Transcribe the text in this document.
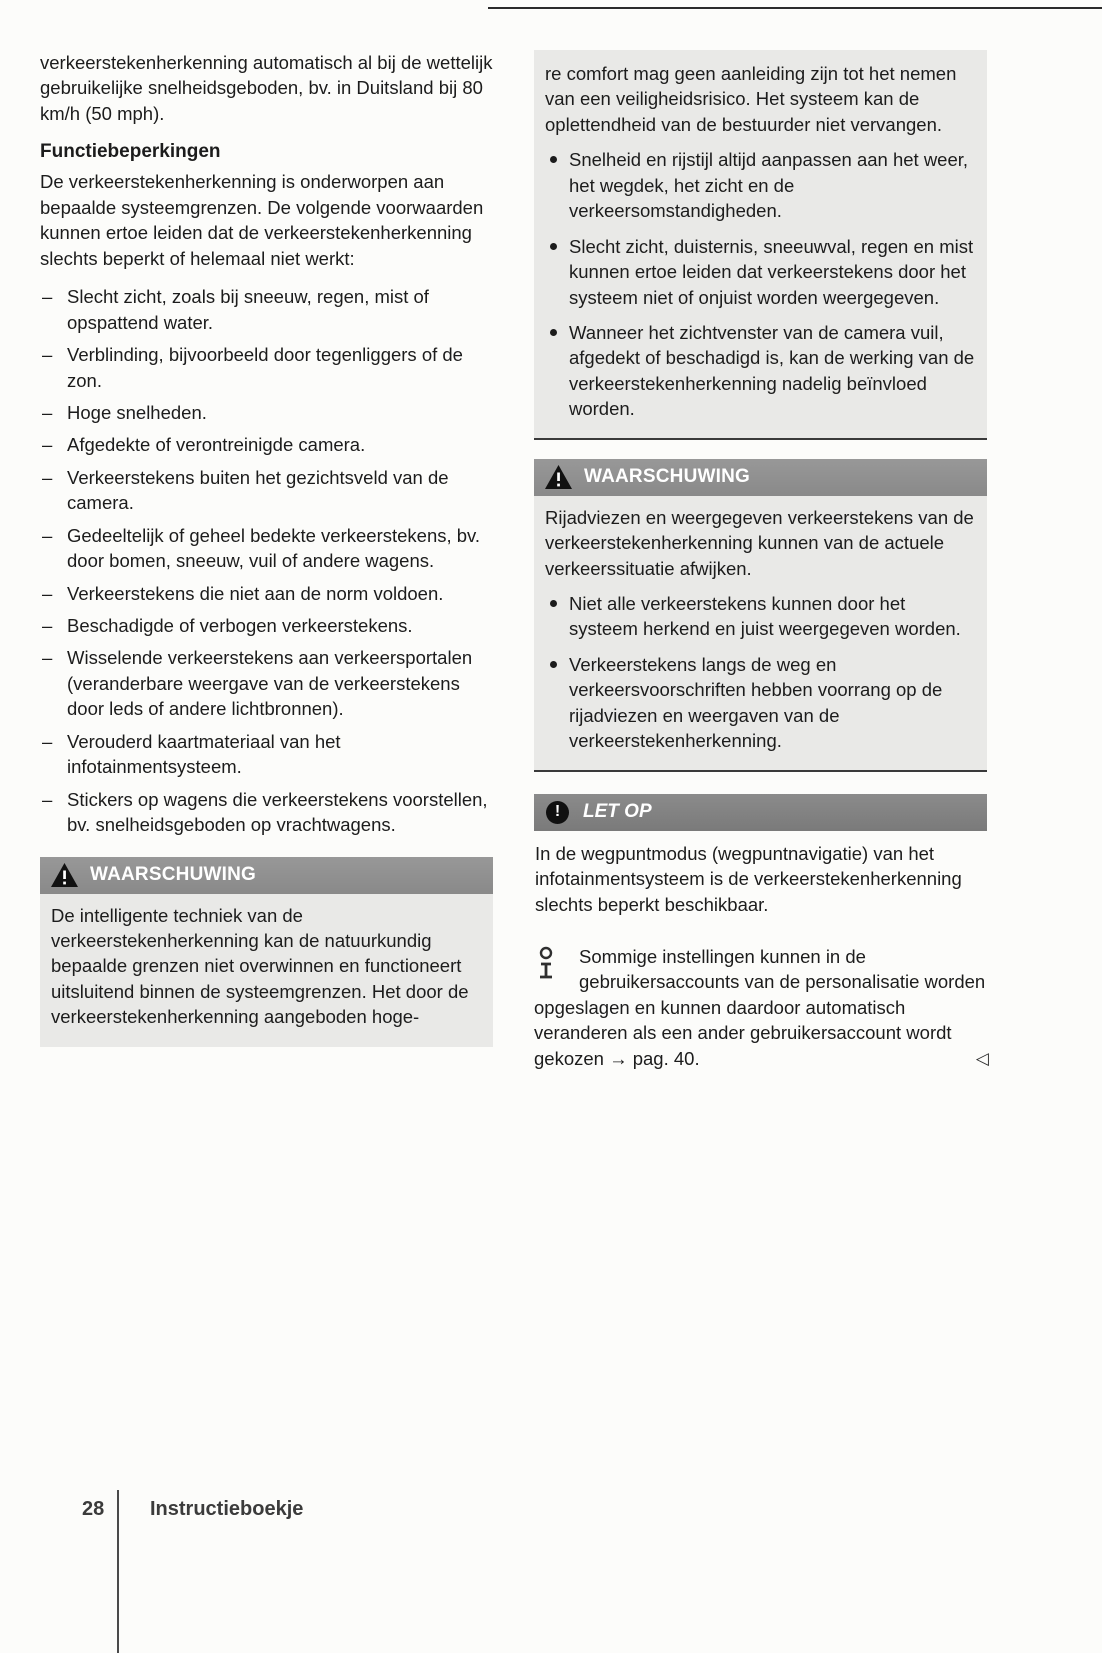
verkeerstekenherkenning automatisch al bij de wettelijk gebruikelijke snelheidsgeboden, bv. in Duitsland bij 80 km/h (50 mph).

Functiebeperkingen

De verkeerstekenherkenning is onderworpen aan bepaalde systeemgrenzen. De volgende voorwaarden kunnen ertoe leiden dat de verkeerstekenherkenning slechts beperkt of helemaal niet werkt:

– Slecht zicht, zoals bij sneeuw, regen, mist of opspattend water.
– Verblinding, bijvoorbeeld door tegenliggers of de zon.
– Hoge snelheden.
– Afgedekte of verontreinigde camera.
– Verkeerstekens buiten het gezichtsveld van de camera.
– Gedeeltelijk of geheel bedekte verkeerstekens, bv. door bomen, sneeuw, vuil of andere wagens.
– Verkeerstekens die niet aan de norm voldoen.
– Beschadigde of verbogen verkeerstekens.
– Wisselende verkeerstekens aan verkeersportalen (veranderbare weergave van de verkeerstekens door leds of andere lichtbronnen).
– Verouderd kaartmateriaal van het infotainmentsysteem.
– Stickers op wagens die verkeerstekens voorstellen, bv. snelheidsgeboden op vrachtwagens.
WAARSCHUWING

De intelligente techniek van de verkeerstekenherkenning kan de natuurkundig bepaalde grenzen niet overwinnen en functioneert uitsluitend binnen de systeemgrenzen. Het door de verkeerstekenherkenning aangeboden hoge-

re comfort mag geen aanleiding zijn tot het nemen van een veiligheidsrisico. Het systeem kan de oplettendheid van de bestuurder niet vervangen.

Snelheid en rijstijl altijd aanpassen aan het weer, het wegdek, het zicht en de verkeersomstandigheden.
Slecht zicht, duisternis, sneeuwval, regen en mist kunnen ertoe leiden dat verkeerstekens door het systeem niet of onjuist worden weergegeven.
Wanneer het zichtvenster van de camera vuil, afgedekt of beschadigd is, kan de werking van de verkeerstekenherkenning nadelig beïnvloed worden.
WAARSCHUWING

Rijadviezen en weergegeven verkeerstekens van de verkeerstekenherkenning kunnen van de actuele verkeerssituatie afwijken.

Niet alle verkeerstekens kunnen door het systeem herkend en juist weergegeven worden.
Verkeerstekens langs de weg en verkeersvoorschriften hebben voorrang op de rijadviezen en weergaven van de verkeerstekenherkenning.
!	LET OP

In de wegpuntmodus (wegpuntnavigatie) van het infotainmentsysteem is de verkeerstekenherkenning slechts beperkt beschikbaar.

Sommige instellingen kunnen in de gebruikersaccounts van de personalisatie worden opgeslagen en kunnen daardoor automatisch veranderen als een ander gebruikersaccount wordt gekozen → pag. 40.	◁
28 Instructieboekje
